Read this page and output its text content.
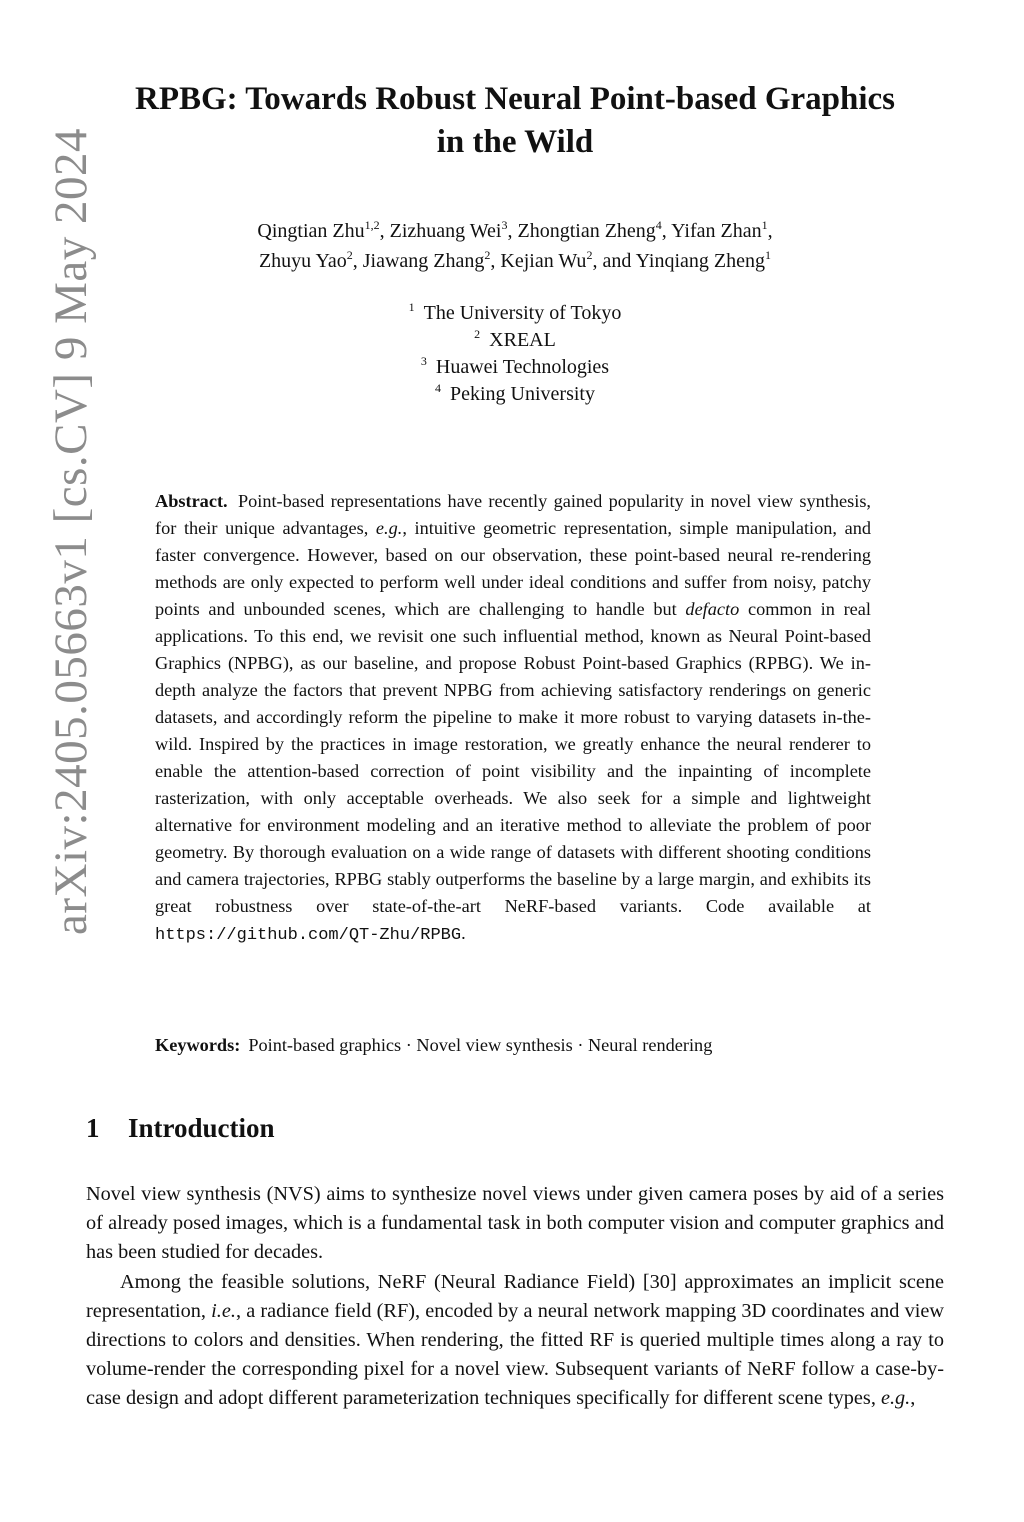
arXiv:2405.05663v1 [cs.CV] 9 May 2024
RPBG: Towards Robust Neural Point-based Graphics
in the Wild
Qingtian Zhu$^{1,2}$, Zizhuang Wei$^3$, Zhongtian Zheng$^4$, Yifan Zhan$^1$,
Zhuyu Yao$^2$, Jiawang Zhang$^2$, Kejian Wu$^2$, and Yinqiang Zheng$^1$
$^1$ The University of Tokyo
$^2$ XREAL
$^3$ Huawei Technologies
$^4$ Peking University
Abstract. Point-based representations have recently gained popularity in novel view synthesis, for their unique advantages, e.g., intuitive geometric representation, simple manipulation, and faster convergence. However, based on our observation, these point-based neural re-rendering methods are only expected to perform well under ideal conditions and suffer from noisy, patchy points and unbounded scenes, which are challenging to handle but defacto common in real applications. To this end, we revisit one such influential method, known as Neural Point-based Graphics (NPBG), as our baseline, and propose Robust Point-based Graphics (RPBG). We in-depth analyze the factors that prevent NPBG from achieving satisfactory renderings on generic datasets, and accordingly reform the pipeline to make it more robust to varying datasets in-the-wild. Inspired by the practices in image restoration, we greatly enhance the neural renderer to enable the attention-based correction of point visibility and the inpainting of incomplete rasterization, with only acceptable overheads. We also seek for a simple and lightweight alternative for environment modeling and an iterative method to alleviate the problem of poor geometry. By thorough evaluation on a wide range of datasets with different shooting conditions and camera trajectories, RPBG stably outperforms the baseline by a large margin, and exhibits its great robustness over state-of-the-art NeRF-based variants. Code available at https://github.com/QT-Zhu/RPBG.
Keywords: Point-based graphics · Novel view synthesis · Neural rendering
1 Introduction
Novel view synthesis (NVS) aims to synthesize novel views under given camera poses by aid of a series of already posed images, which is a fundamental task in both computer vision and computer graphics and has been studied for decades.
Among the feasible solutions, NeRF (Neural Radiance Field) [30] approximates an implicit scene representation, i.e., a radiance field (RF), encoded by a neural network mapping 3D coordinates and view directions to colors and densities. When rendering, the fitted RF is queried multiple times along a ray to volume-render the corresponding pixel for a novel view. Subsequent variants of NeRF follow a case-by-case design and adopt different parameterization techniques specifically for different scene types, e.g.,
